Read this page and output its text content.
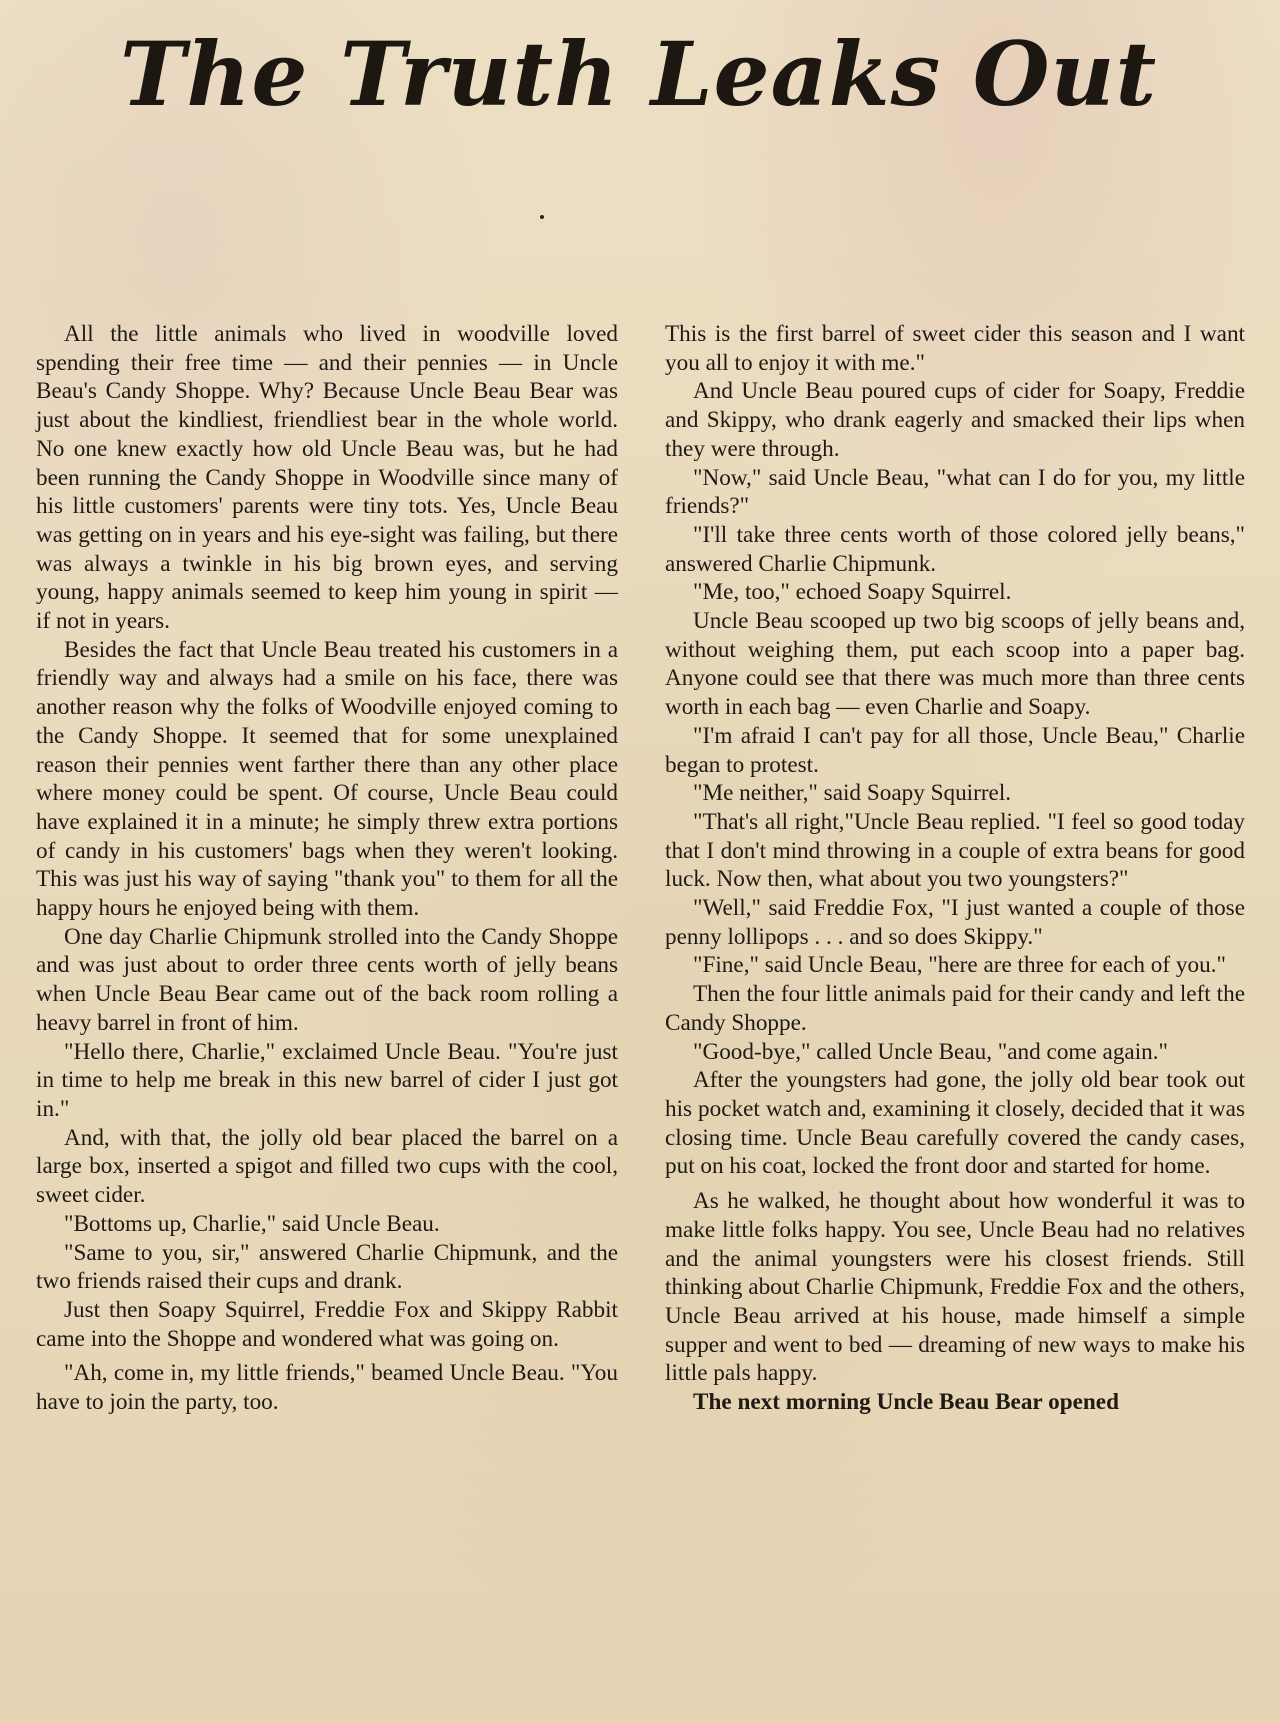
The Truth Leaks Out

All the little animals who lived in woodville loved spending their free time — and their pennies — in Uncle Beau's Candy Shoppe. Why? Because Uncle Beau Bear was just about the kindliest, friendliest bear in the whole world. No one knew exactly how old Uncle Beau was, but he had been running the Candy Shoppe in Woodville since many of his little customers' parents were tiny tots. Yes, Uncle Beau was getting on in years and his eye-sight was failing, but there was always a twinkle in his big brown eyes, and serving young, happy animals seemed to keep him young in spirit — if not in years.

Besides the fact that Uncle Beau treated his customers in a friendly way and always had a smile on his face, there was another reason why the folks of Woodville enjoyed coming to the Candy Shoppe. It seemed that for some unexplained reason their pennies went farther there than any other place where money could be spent. Of course, Uncle Beau could have explained it in a minute; he simply threw extra portions of candy in his customers' bags when they weren't looking. This was just his way of saying "thank you" to them for all the happy hours he enjoyed being with them.

One day Charlie Chipmunk strolled into the Candy Shoppe and was just about to order three cents worth of jelly beans when Uncle Beau Bear came out of the back room rolling a heavy barrel in front of him.

"Hello there, Charlie," exclaimed Uncle Beau. "You're just in time to help me break in this new barrel of cider I just got in."

And, with that, the jolly old bear placed the barrel on a large box, inserted a spigot and filled two cups with the cool, sweet cider.

"Bottoms up, Charlie," said Uncle Beau.

"Same to you, sir," answered Charlie Chipmunk, and the two friends raised their cups and drank.

Just then Soapy Squirrel, Freddie Fox and Skippy Rabbit came into the Shoppe and wondered what was going on.

"Ah, come in, my little friends," beamed Uncle Beau. "You have to join the party, too.

This is the first barrel of sweet cider this season and I want you all to enjoy it with me."

And Uncle Beau poured cups of cider for Soapy, Freddie and Skippy, who drank eagerly and smacked their lips when they were through.

"Now," said Uncle Beau, "what can I do for you, my little friends?"

"I'll take three cents worth of those colored jelly beans," answered Charlie Chipmunk.

"Me, too," echoed Soapy Squirrel.

Uncle Beau scooped up two big scoops of jelly beans and, without weighing them, put each scoop into a paper bag. Anyone could see that there was much more than three cents worth in each bag — even Charlie and Soapy.

"I'm afraid I can't pay for all those, Uncle Beau," Charlie began to protest.

"Me neither," said Soapy Squirrel.

"That's all right,"Uncle Beau replied. "I feel so good today that I don't mind throwing in a couple of extra beans for good luck. Now then, what about you two youngsters?"

"Well," said Freddie Fox, "I just wanted a couple of those penny lollipops . . . and so does Skippy."

"Fine," said Uncle Beau, "here are three for each of you."

Then the four little animals paid for their candy and left the Candy Shoppe.

"Good-bye," called Uncle Beau, "and come again."

After the youngsters had gone, the jolly old bear took out his pocket watch and, examining it closely, decided that it was closing time. Uncle Beau carefully covered the candy cases, put on his coat, locked the front door and started for home.

As he walked, he thought about how wonderful it was to make little folks happy. You see, Uncle Beau had no relatives and the animal youngsters were his closest friends. Still thinking about Charlie Chipmunk, Freddie Fox and the others, Uncle Beau arrived at his house, made himself a simple supper and went to bed — dreaming of new ways to make his little pals happy.

The next morning Uncle Beau Bear opened
